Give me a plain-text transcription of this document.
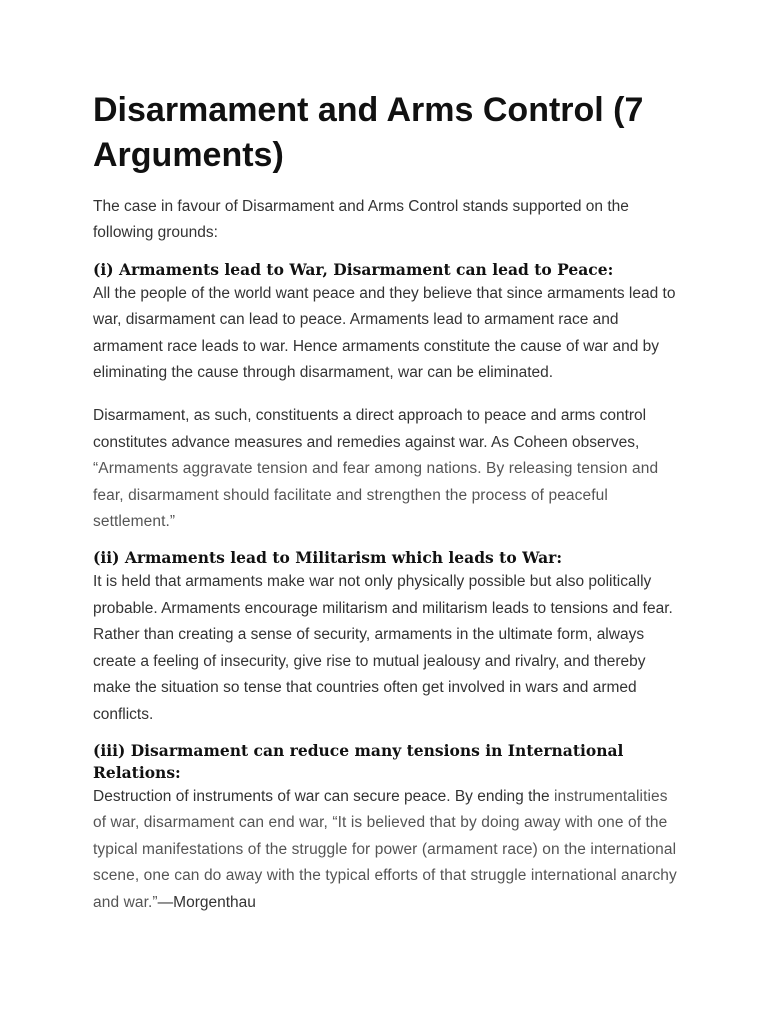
Disarmament and Arms Control (7 Arguments)

The case in favour of Disarmament and Arms Control stands supported on the following grounds:

(i) Armaments lead to War, Disarmament can lead to Peace:

All the people of the world want peace and they believe that since armaments lead to war, disarmament can lead to peace. Armaments lead to armament race and armament race leads to war. Hence armaments constitute the cause of war and by eliminating the cause through disarmament, war can be eliminated.

Disarmament, as such, constituents a direct approach to peace and arms control constitutes advance measures and remedies against war. As Coheen observes, “Armaments aggravate tension and fear among nations. By releasing tension and fear, disarmament should facilitate and strengthen the process of peaceful settlement.”

(ii) Armaments lead to Militarism which leads to War:

It is held that armaments make war not only physically possible but also politically probable. Armaments encourage militarism and militarism leads to tensions and fear. Rather than creating a sense of security, armaments in the ultimate form, always create a feeling of insecurity, give rise to mutual jealousy and rivalry, and thereby make the situation so tense that countries often get involved in wars and armed conflicts.

(iii) Disarmament can reduce many tensions in International Relations:

Destruction of instruments of war can secure peace. By ending the instrumentalities of war, disarmament can end war, “It is believed that by doing away with one of the typical manifestations of the struggle for power (armament race) on the international scene, one can do away with the typical efforts of that struggle international anarchy and war.”—Morgenthau
